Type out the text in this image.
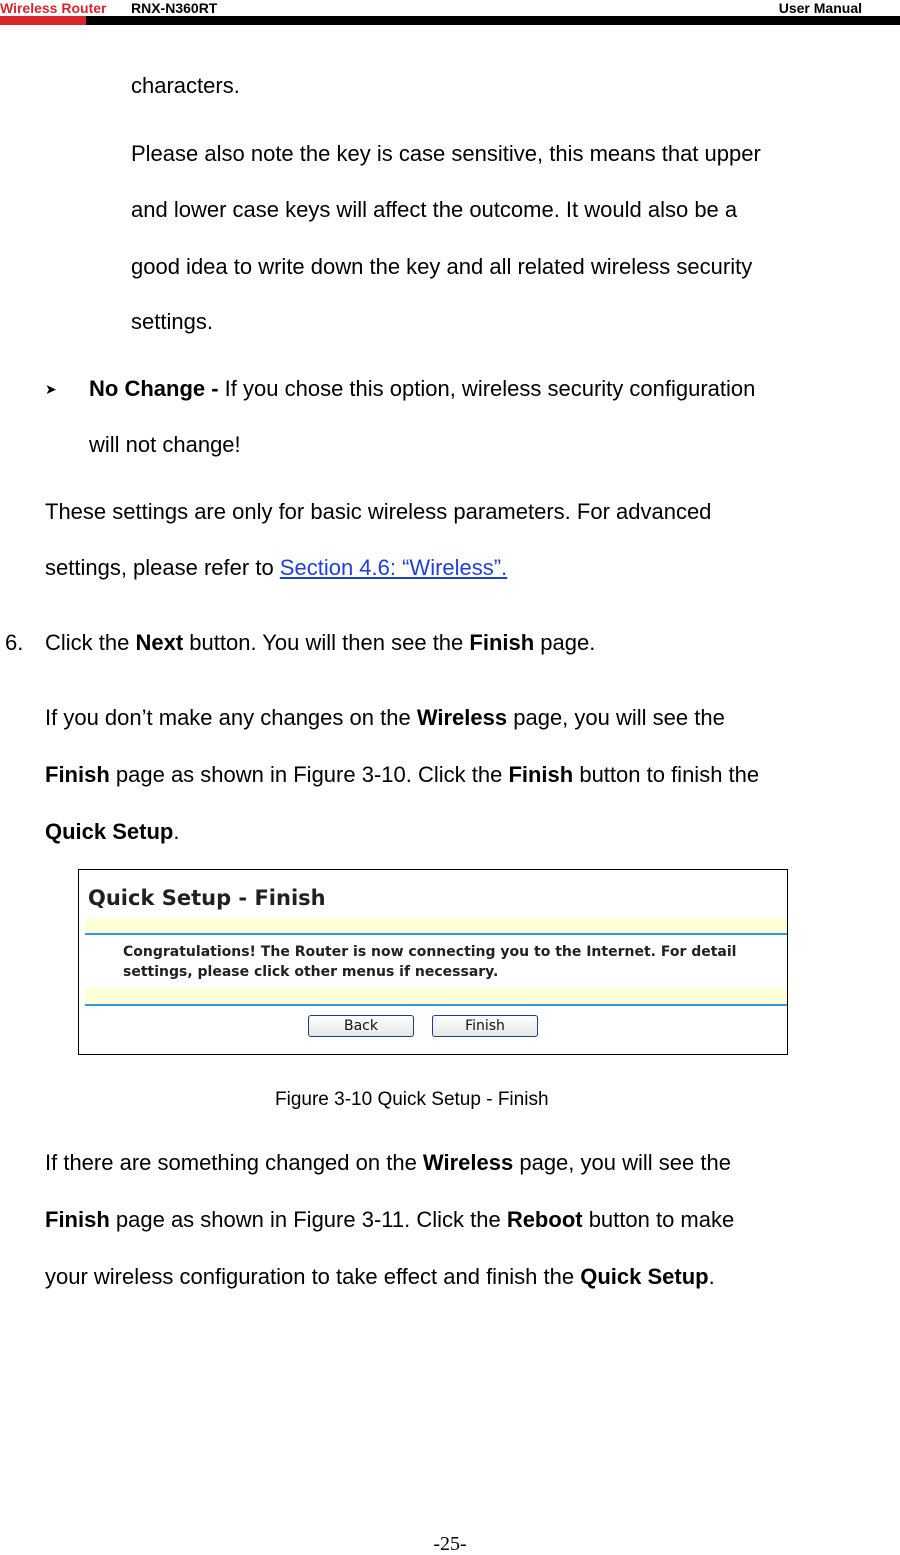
Wireless Router RNX-N360RT	User Manual
characters.
Please also note the key is case sensitive, this means that upper
and lower case keys will affect the outcome. It would also be a
good idea to write down the key and all related wireless security
settings.
➤ No Change - If you chose this option, wireless security configuration
will not change!
These settings are only for basic wireless parameters. For advanced
settings, please refer to Section 4.6: “Wireless”.
6. Click the Next button. You will then see the Finish page.
If you don’t make any changes on the Wireless page, you will see the
Finish page as shown in Figure 3-10. Click the Finish button to finish the
Quick Setup.
Quick Setup - Finish
Congratulations! The Router is now connecting you to the Internet. For detail
settings, please click other menus if necessary.
Back	Finish
Figure 3-10 Quick Setup - Finish
If there are something changed on the Wireless page, you will see the
Finish page as shown in Figure 3-11. Click the Reboot button to make
your wireless configuration to take effect and finish the Quick Setup.
-25-
